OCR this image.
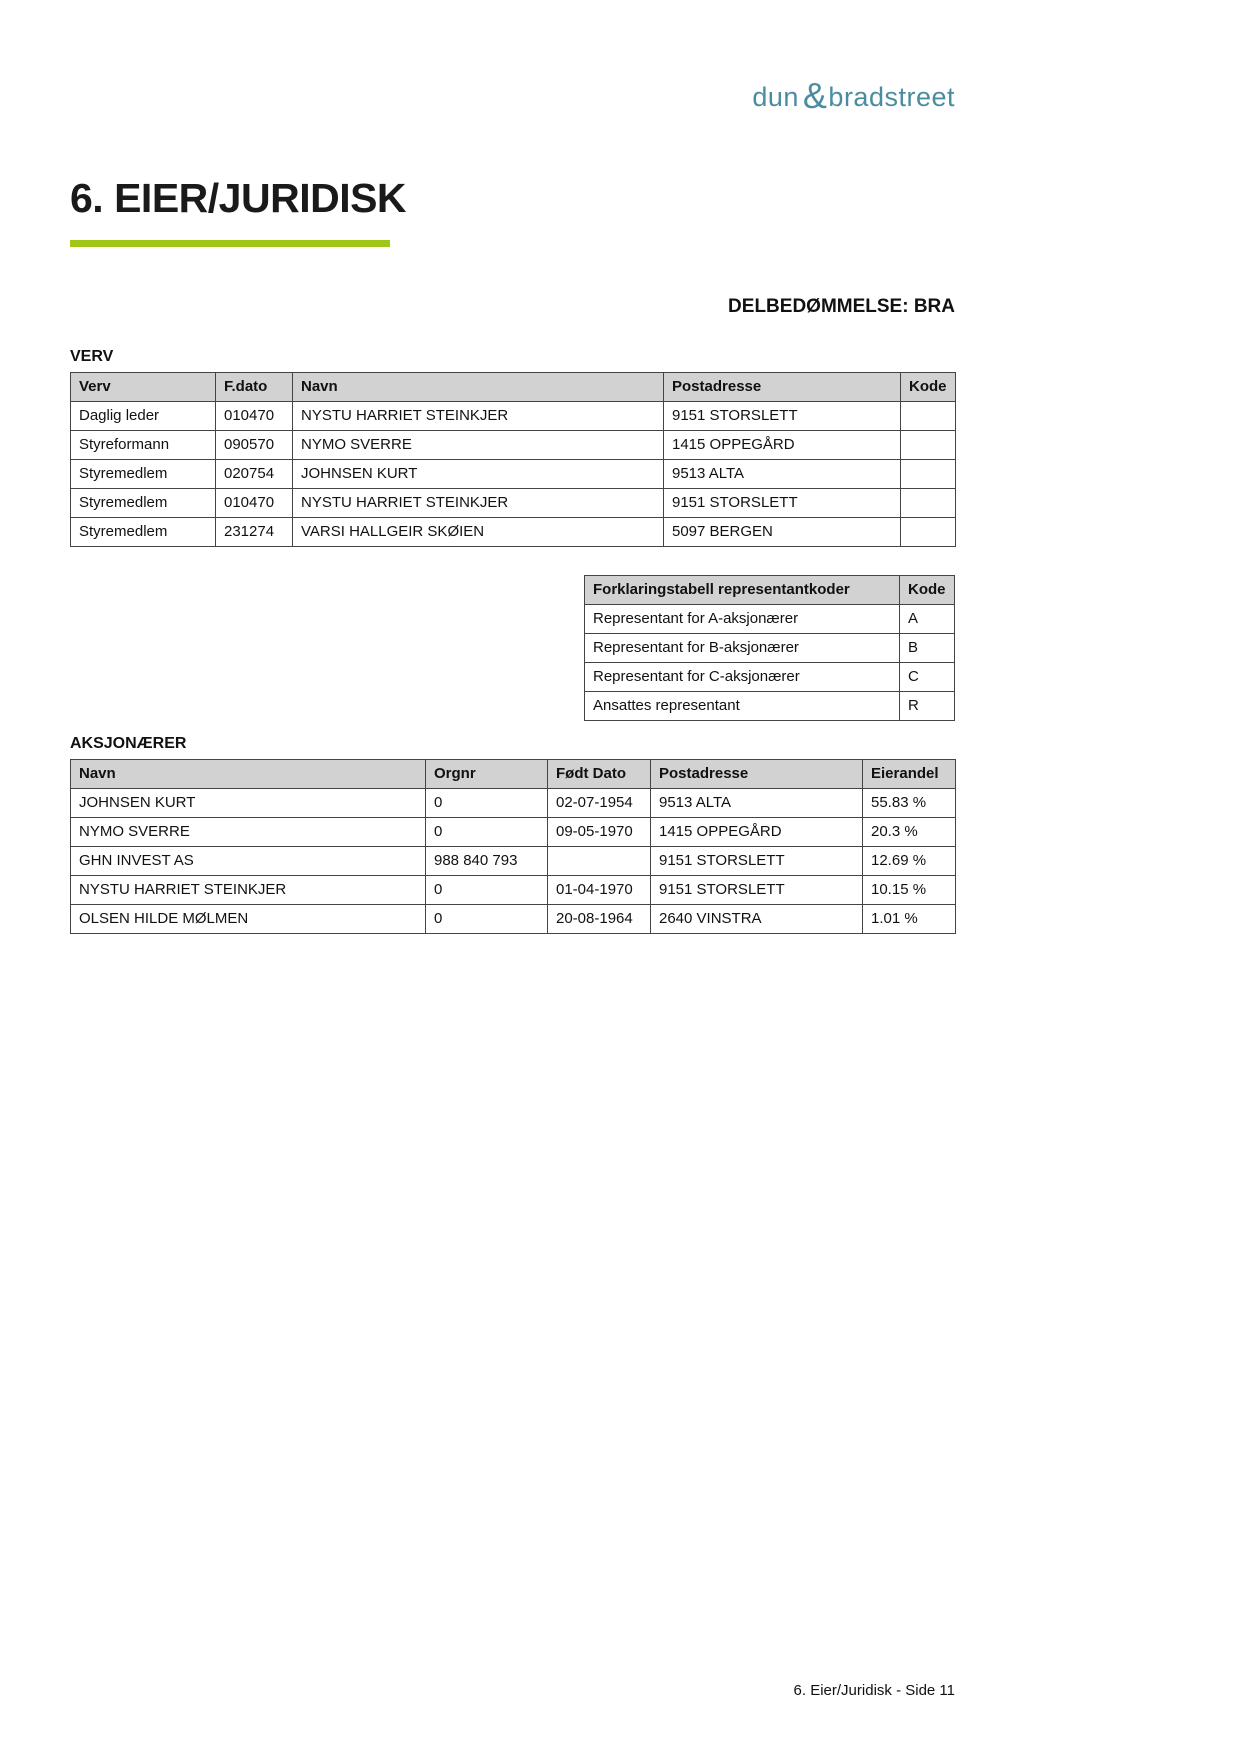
dun &bradstreet
6. EIER/JURIDISK
DELBEDØMMELSE: BRA
VERV
Verv	F.dato	Navn	Postadresse	Kode
Daglig leder	010470	NYSTU HARRIET STEINKJER	9151 STORSLETT	
Styreformann	090570	NYMO SVERRE	1415 OPPEGÅRD	
Styremedlem	020754	JOHNSEN KURT	9513 ALTA	
Styremedlem	010470	NYSTU HARRIET STEINKJER	9151 STORSLETT	
Styremedlem	231274	VARSI HALLGEIR SKØIEN	5097 BERGEN	
Forklaringstabell representantkoder	Kode
Representant for A-aksjonærer	A
Representant for B-aksjonærer	B
Representant for C-aksjonærer	C
Ansattes representant	R
AKSJONÆRER
Navn	Orgnr	Født Dato	Postadresse	Eierandel
JOHNSEN KURT	0	02-07-1954	9513 ALTA	55.83 %
NYMO SVERRE	0	09-05-1970	1415 OPPEGÅRD	20.3 %
GHN INVEST AS	988 840 793		9151 STORSLETT	12.69 %
NYSTU HARRIET STEINKJER	0	01-04-1970	9151 STORSLETT	10.15 %
OLSEN HILDE MØLMEN	0	20-08-1964	2640 VINSTRA	1.01 %
6. Eier/Juridisk - Side 11
